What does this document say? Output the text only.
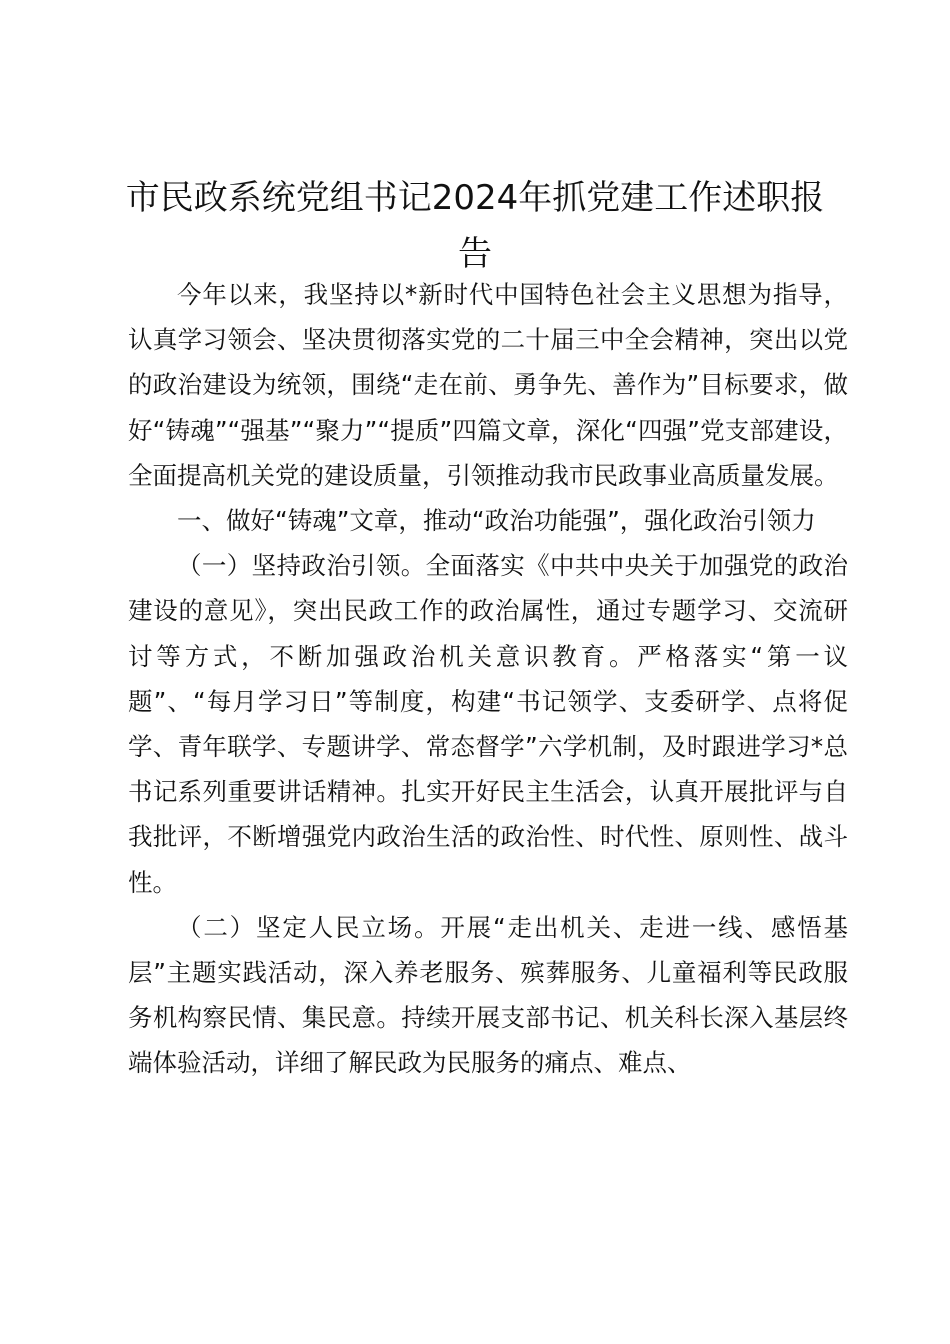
市民政系统党组书记2024年抓党建工作述职报告

今年以来，我坚持以*新时代中国特色社会主义思想为指导，认真学习领会、坚决贯彻落实党的二十届三中全会精神，突出以党的政治建设为统领，围绕“走在前、勇争先、善作为”目标要求，做好“铸魂”“强基”“聚力”“提质”四篇文章，深化“四强”党支部建设，全面提高机关党的建设质量，引领推动我市民政事业高质量发展。

一、做好“铸魂”文章，推动“政治功能强”，强化政治引领力

（一）坚持政治引领。全面落实《中共中央关于加强党的政治建设的意见》，突出民政工作的政治属性，通过专题学习、交流研讨等方式，不断加强政治机关意识教育。严格落实“第一议题”、“每月学习日”等制度，构建“书记领学、支委研学、点将促学、青年联学、专题讲学、常态督学”六学机制，及时跟进学习*总书记系列重要讲话精神。扎实开好民主生活会，认真开展批评与自我批评，不断增强党内政治生活的政治性、时代性、原则性、战斗性。

（二）坚定人民立场。开展“走出机关、走进一线、感悟基层”主题实践活动，深入养老服务、殡葬服务、儿童福利等民政服务机构察民情、集民意。持续开展支部书记、机关科长深入基层终端体验活动，详细了解民政为民服务的痛点、难点、
